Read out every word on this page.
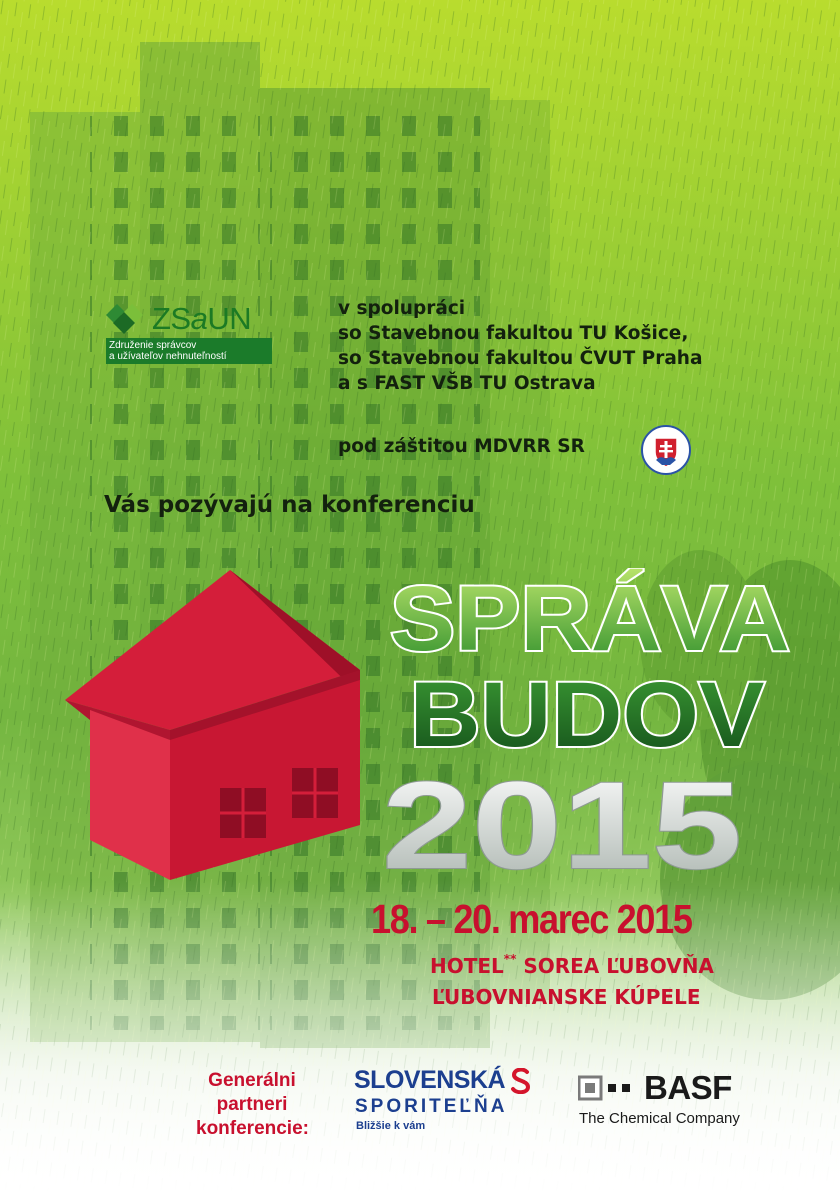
ZSaUN
Združenie správcov
a užívateľov nehnuteľností
v spolupráci
so Stavebnou fakultou TU Košice,
so Stavebnou fakultou ČVUT Praha
a s FAST VŠB TU Ostrava
pod záštitou MDVRR SR
Vás pozývajú na konferenciu
SPRÁVA
BUDOV
2015
18. – 20. marec 2015
HOTEL** SOREA ĽUBOVŇA
ĽUBOVNIANSKE KÚPELE
Generálni
partneri
konferencie:
SLOVENSKÁ
SPORITEĽŇA
Bližšie k vám
BASF
The Chemical Company
